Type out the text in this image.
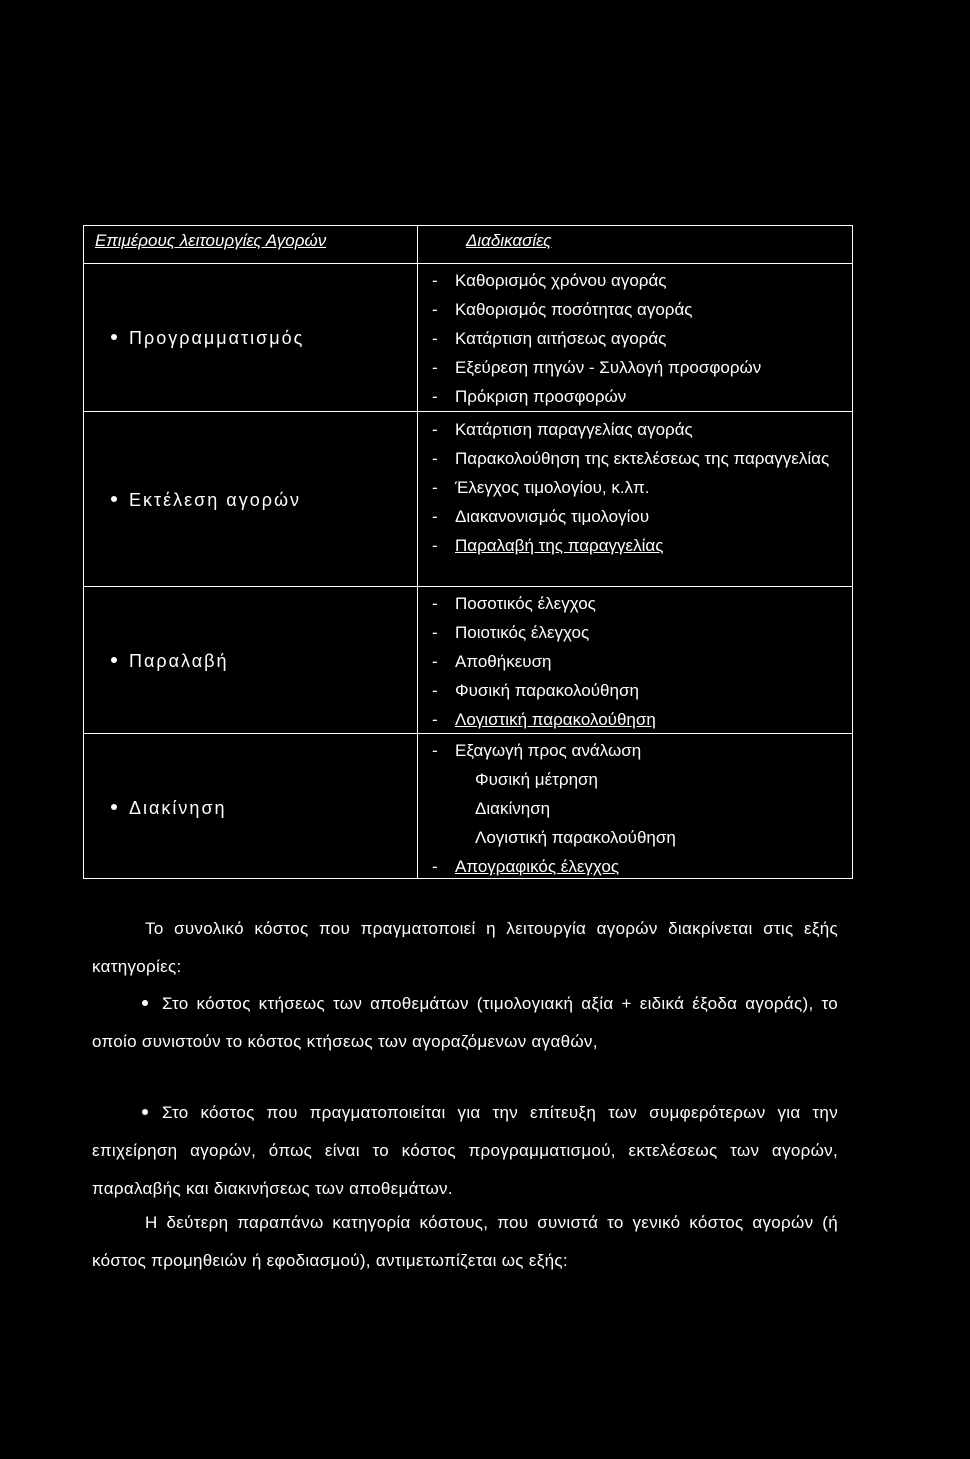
Επιμέρους λειτουργίες Αγορών	Διαδικασίες
Προγραμματισμός
- Καθορισμός χρόνου αγοράς
- Καθορισμός ποσότητας αγοράς
- Κατάρτιση αιτήσεως αγοράς
- Εξεύρεση πηγών - Συλλογή προσφορών
- Πρόκριση προσφορών
Εκτέλεση αγορών
- Κατάρτιση παραγγελίας αγοράς
- Παρακολούθηση της εκτελέσεως της παραγγελίας
- Έλεγχος τιμολογίου, κ.λπ.
- Διακανονισμός τιμολογίου
- Παραλαβή της παραγγελίας
Παραλαβή
- Ποσοτικός έλεγχος
- Ποιοτικός έλεγχος
- Αποθήκευση
- Φυσική παρακολούθηση
- Λογιστική παρακολούθηση
Διακίνηση
- Εξαγωγή προς ανάλωση
Φυσική μέτρηση
Διακίνηση
Λογιστική παρακολούθηση
- Απογραφικός έλεγχος

Το συνολικό κόστος που πραγματοποιεί η λειτουργία αγορών διακρίνεται στις εξής κατηγορίες:

Στο κόστος κτήσεως των αποθεμάτων (τιμολογιακή αξία + ειδικά έξοδα αγοράς), το οποίο συνιστούν το κόστος κτήσεως των αγοραζόμενων αγαθών,

Στο κόστος που πραγματοποιείται για την επίτευξη των συμφερότερων για την επιχείρηση αγορών, όπως είναι το κόστος προγραμματισμού, εκτελέσεως των αγορών, παραλαβής και διακινήσεως των αποθεμάτων.

Η δεύτερη παραπάνω κατηγορία κόστους, που συνιστά το γενικό κόστος αγορών (ή κόστος προμηθειών ή εφοδιασμού), αντιμετωπίζεται ως εξής:
